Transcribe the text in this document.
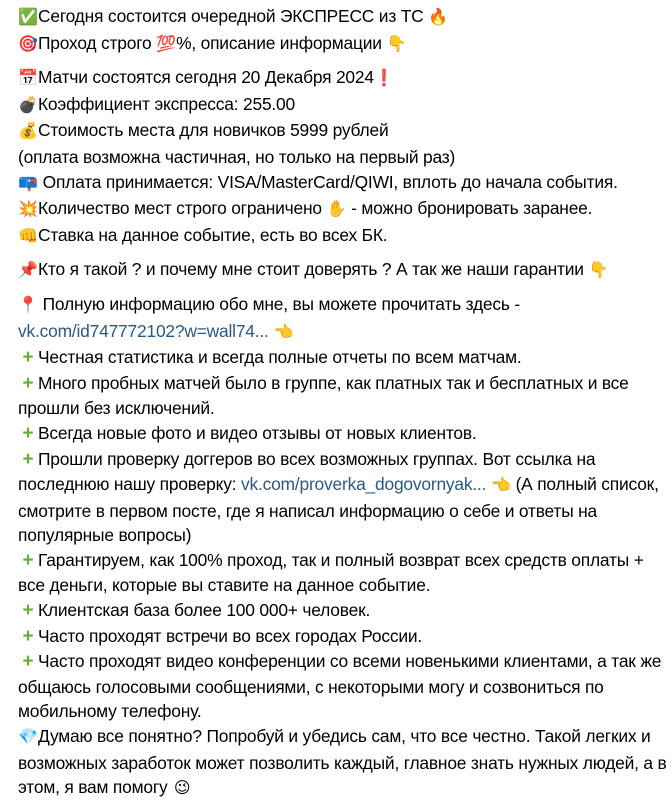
✅Сегодня состоится очередной ЭКСПРЕСС из ТС 🔥
🎯Проход строго 💯%, описание информации 👇
📅Матчи состоятся сегодня 20 Декабря 2024❗
💣Коэффициент экспресса: 255.00
💰Стоимость места для новичков 5999 рублей
(оплата возможна частичная, но только на первый раз)
📪 Оплата принимается: VISA/MasterCard/QIWI, вплоть до начала события.
💥Количество мест строго ограничено ✋ - можно бронировать заранее.
👊Ставка на данное событие, есть во всех БК.
📌Кто я такой ? и почему мне стоит доверять ? А так же наши гарантии 👇
📍 Полную информацию обо мне, вы можете прочитать здесь -
vk.com/id747772102?w=wall74... 👈
+ Честная статистика и всегда полные отчеты по всем матчам.
+ Много пробных матчей было в группе, как платных так и бесплатных и все прошли без исключений.
+ Всегда новые фото и видео отзывы от новых клиентов.
+ Прошли проверку доггеров во всех возможных группах. Вот ссылка на последнюю нашу проверку: vk.com/proverka_dogovornyak... 👈 (А полный список, смотрите в первом посте, где я написал информацию о себе и ответы на популярные вопросы)
+ Гарантируем, как 100% проход, так и полный возврат всех средств оплаты + все деньги, которые вы ставите на данное событие.
+ Клиентская база более 100 000+ человек.
+ Часто проходят встречи во всех городах России.
+ Часто проходят видео конференции со всеми новенькими клиентами, а так же общаюсь голосовыми сообщениями, с некоторыми могу и созвониться по мобильному телефону.
💎Думаю все понятно? Попробуй и убедись сам, что все честно. Такой легких и возможных заработок может позволить каждый, главное знать нужных людей, а в этом, я вам помогу 😉
